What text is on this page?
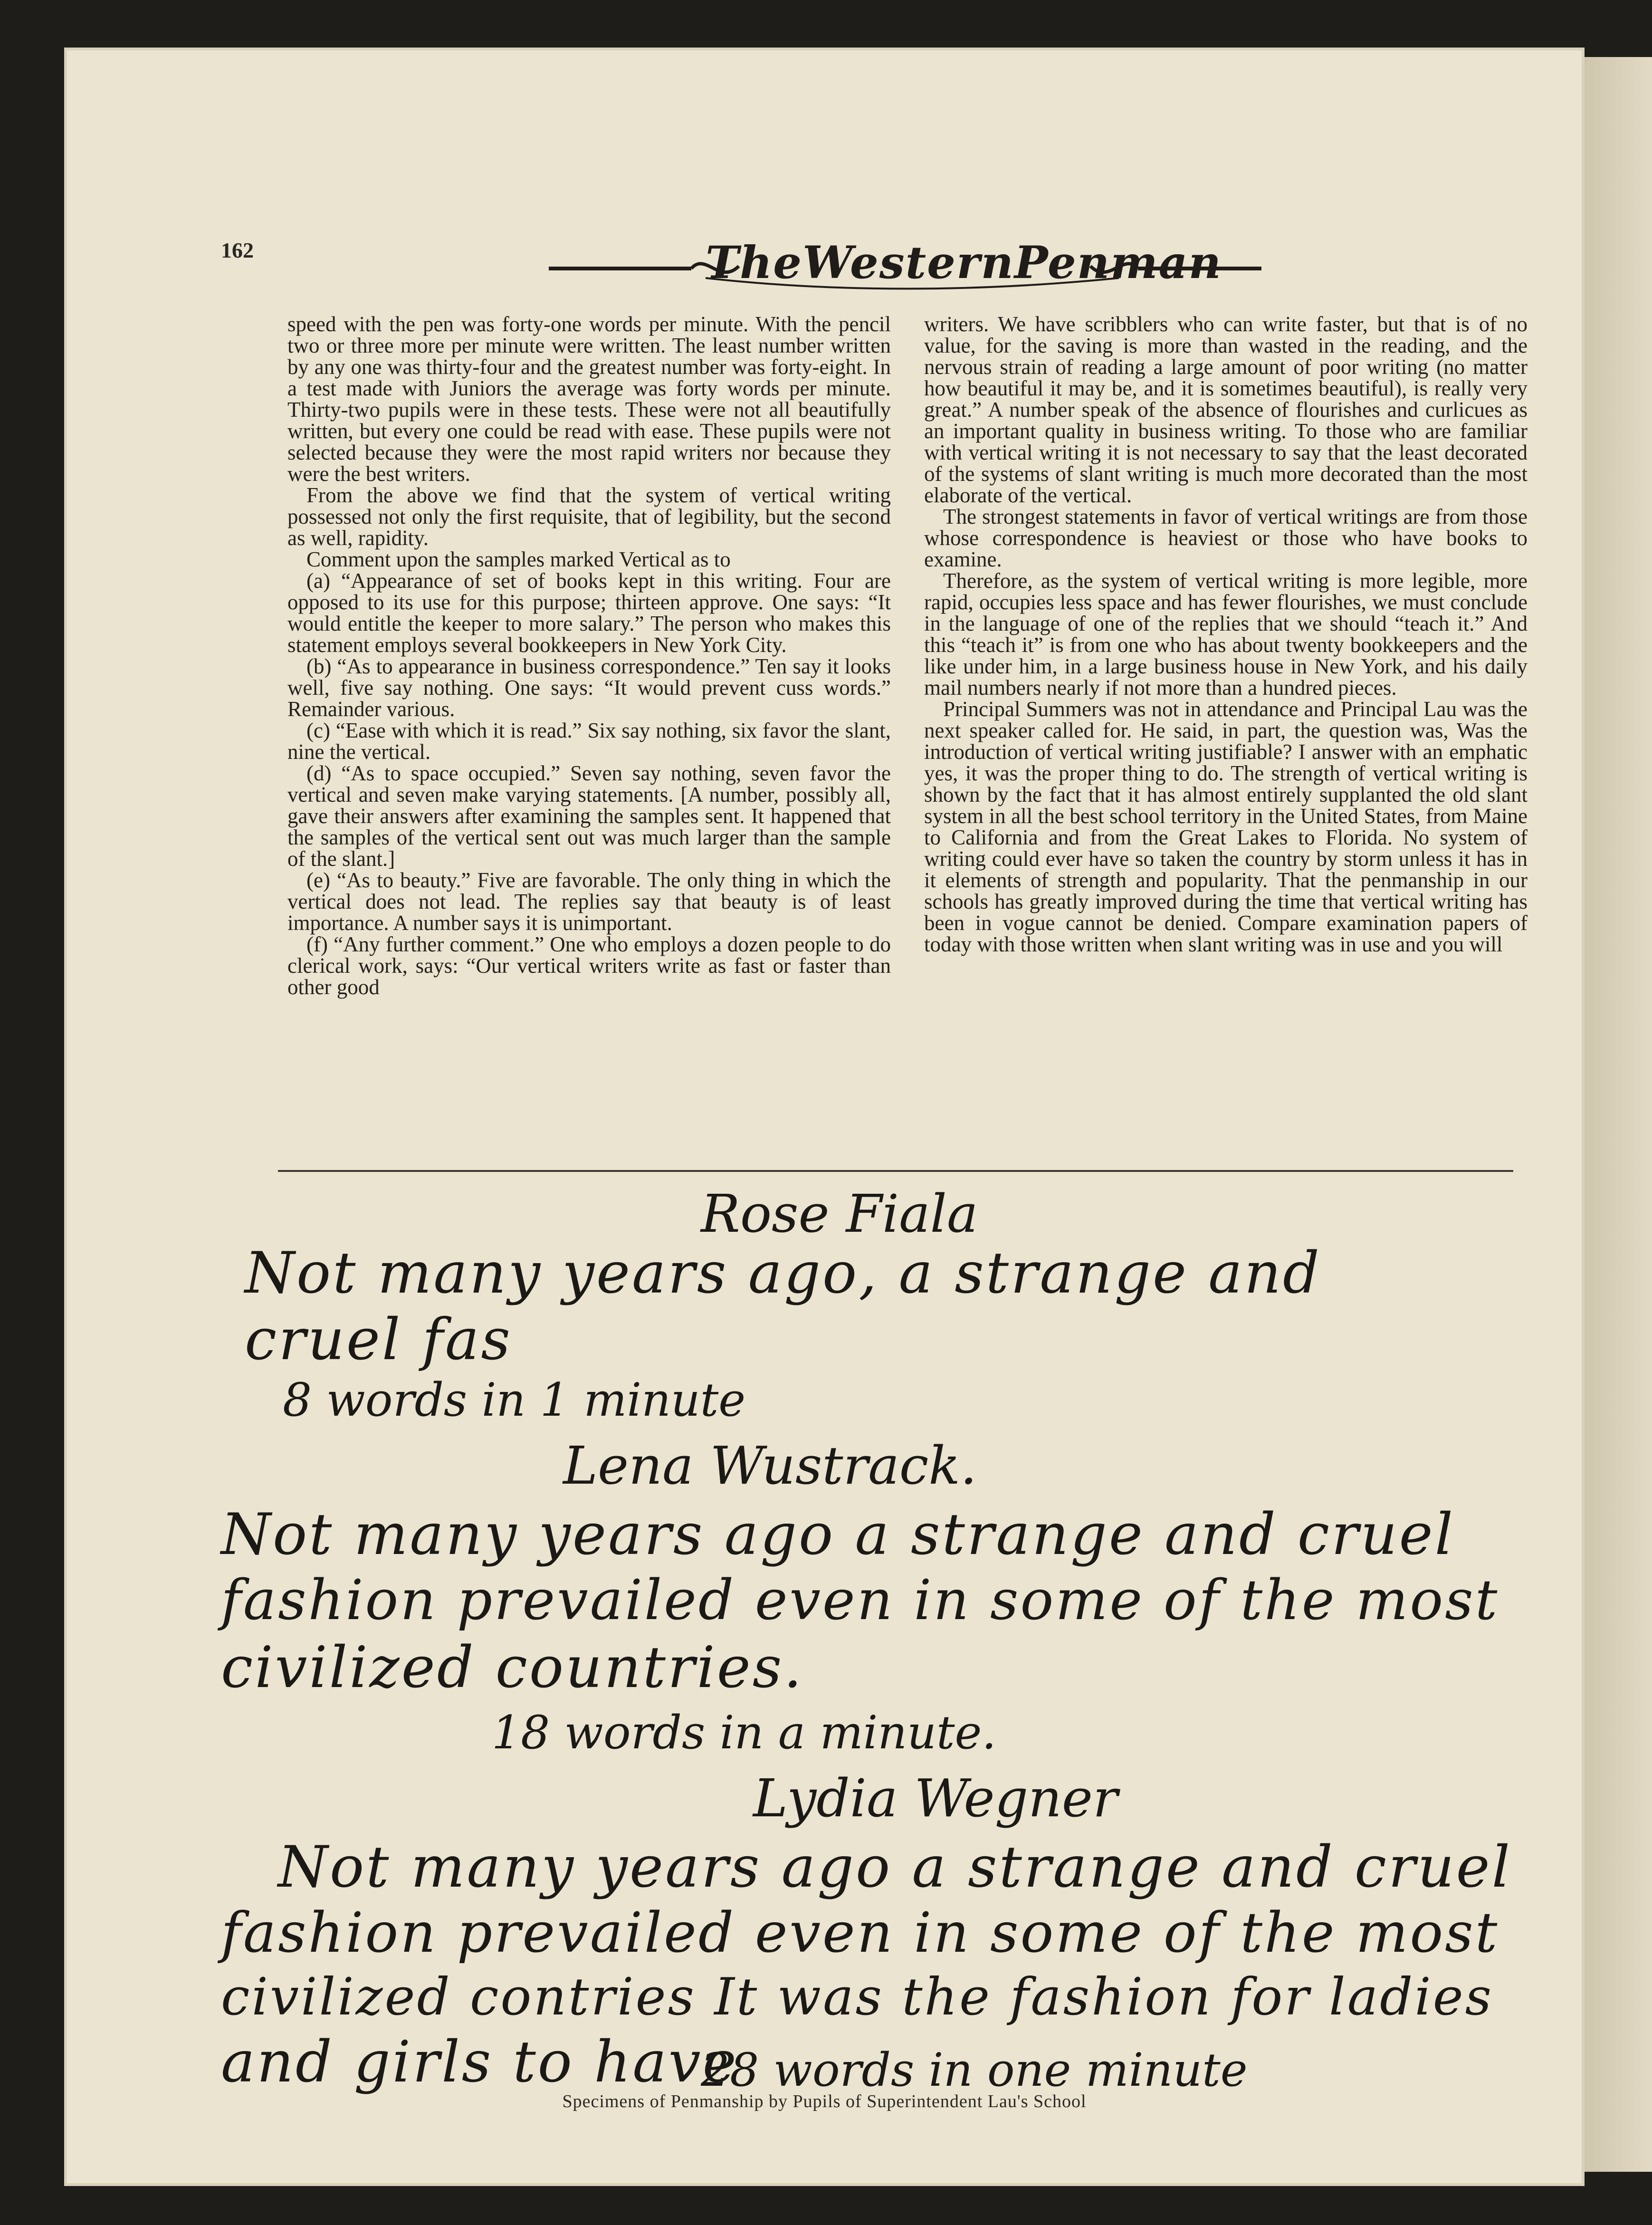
162	TheWesternPenman

speed with the pen was forty-one words per minute. With the pencil two or three more per minute were written. The least number written by any one was thirty-four and the greatest number was forty-eight. In a test made with Juniors the average was forty words per minute. Thirty-two pupils were in these tests. These were not all beautifully written, but every one could be read with ease. These pupils were not selected because they were the most rapid writers nor because they were the best writers.

From the above we find that the system of vertical writing possessed not only the first requisite, that of legibility, but the second as well, rapidity.

Comment upon the samples marked Vertical as to

(a) “Appearance of set of books kept in this writing. Four are opposed to its use for this purpose; thirteen approve. One says: “It would entitle the keeper to more salary.” The person who makes this statement employs several bookkeepers in New York City.

(b) “As to appearance in business correspondence.” Ten say it looks well, five say nothing. One says: “It would prevent cuss words.” Remainder various.

(c) “Ease with which it is read.” Six say nothing, six favor the slant, nine the vertical.

(d) “As to space occupied.” Seven say nothing, seven favor the vertical and seven make varying statements. [A number, possibly all, gave their answers after examining the samples sent. It happened that the samples of the vertical sent out was much larger than the sample of the slant.]

(e) “As to beauty.” Five are favorable. The only thing in which the vertical does not lead. The replies say that beauty is of least importance. A number says it is unimportant.

(f) “Any further comment.” One who employs a dozen people to do clerical work, says: “Our vertical writers write as fast or faster than other good

writers. We have scribblers who can write faster, but that is of no value, for the saving is more than wasted in the reading, and the nervous strain of reading a large amount of poor writing (no matter how beautiful it may be, and it is sometimes beautiful), is really very great.” A number speak of the absence of flourishes and curlicues as an important quality in business writing. To those who are familiar with vertical writing it is not necessary to say that the least decorated of the systems of slant writing is much more decorated than the most elaborate of the vertical.

The strongest statements in favor of vertical writings are from those whose correspondence is heaviest or those who have books to examine.

Therefore, as the system of vertical writing is more legible, more rapid, occupies less space and has fewer flourishes, we must conclude in the language of one of the replies that we should “teach it.” And this “teach it” is from one who has about twenty bookkeepers and the like under him, in a large business house in New York, and his daily mail numbers nearly if not more than a hundred pieces.

Principal Summers was not in attendance and Principal Lau was the next speaker called for. He said, in part, the question was, Was the introduction of vertical writing justifiable? I answer with an emphatic yes, it was the proper thing to do. The strength of vertical writing is shown by the fact that it has almost entirely supplanted the old slant system in all the best school territory in the United States, from Maine to California and from the Great Lakes to Florida. No system of writing could ever have so taken the country by storm unless it has in it elements of strength and popularity. That the penmanship in our schools has greatly improved during the time that vertical writing has been in vogue cannot be denied. Compare examination papers of today with those written when slant writing was in use and you will

Rose Fiala
Not many years ago, a strange and
cruel fas
8 words in 1 minute
Lena Wustrack.
Not many years ago a strange and cruel
fashion prevailed even in some of the most
civilized countries.
18 words in a minute.
Lydia Wegner
Not many years ago a strange and cruel
fashion prevailed even in some of the most
civilized contries It was the fashion for ladies
and girls to have
28 words in one minute
Specimens of Penmanship by Pupils of Superintendent Lau's School
